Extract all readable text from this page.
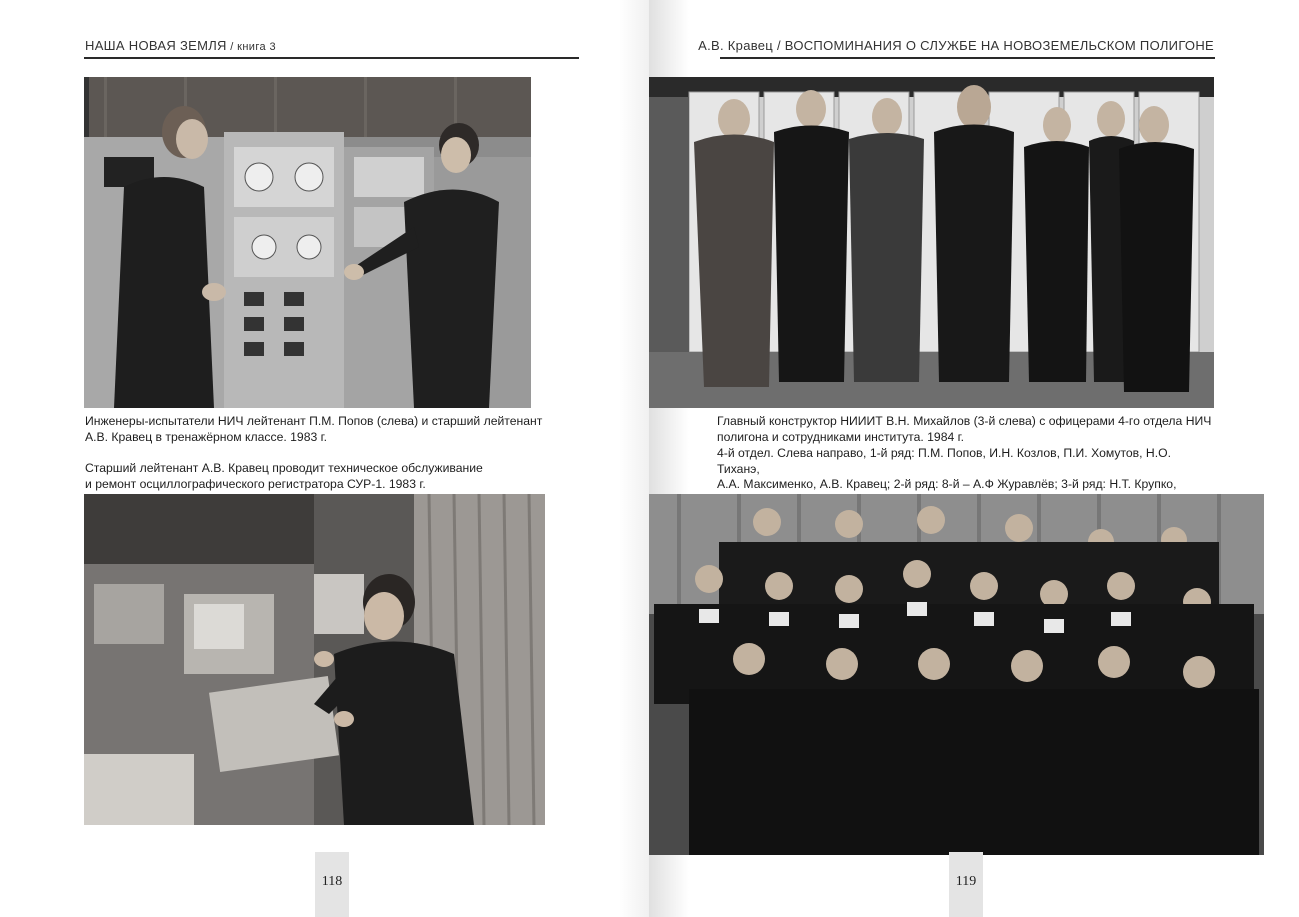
НАША НОВАЯ ЗЕМЛЯ / книга 3
Инженеры-испытатели НИЧ лейтенант П.М. Попов (слева) и старший лейтенант
А.В. Кравец в тренажёрном классе. 1983 г.
Старший лейтенант А.В. Кравец проводит техническое обслуживание
и ремонт осциллографического регистратора СУР-1. 1983 г.
118
А.В. Кравец / ВОСПОМИНАНИЯ О СЛУЖБЕ НА НОВОЗЕМЕЛЬСКОМ ПОЛИГОНЕ
Главный конструктор НИИИТ В.Н. Михайлов (3-й слева) с офицерами 4-го отдела НИЧ
полигона и сотрудниками института. 1984 г.
4-й отдел. Слева направо, 1-й ряд: П.М. Попов, И.Н. Козлов, П.И. Хомутов, Н.О. Тиханэ,
А.А. Максименко, А.В. Кравец; 2-й ряд: 8-й – А.Ф Журавлёв; 3-й ряд: Н.Т. Крупко,
119
